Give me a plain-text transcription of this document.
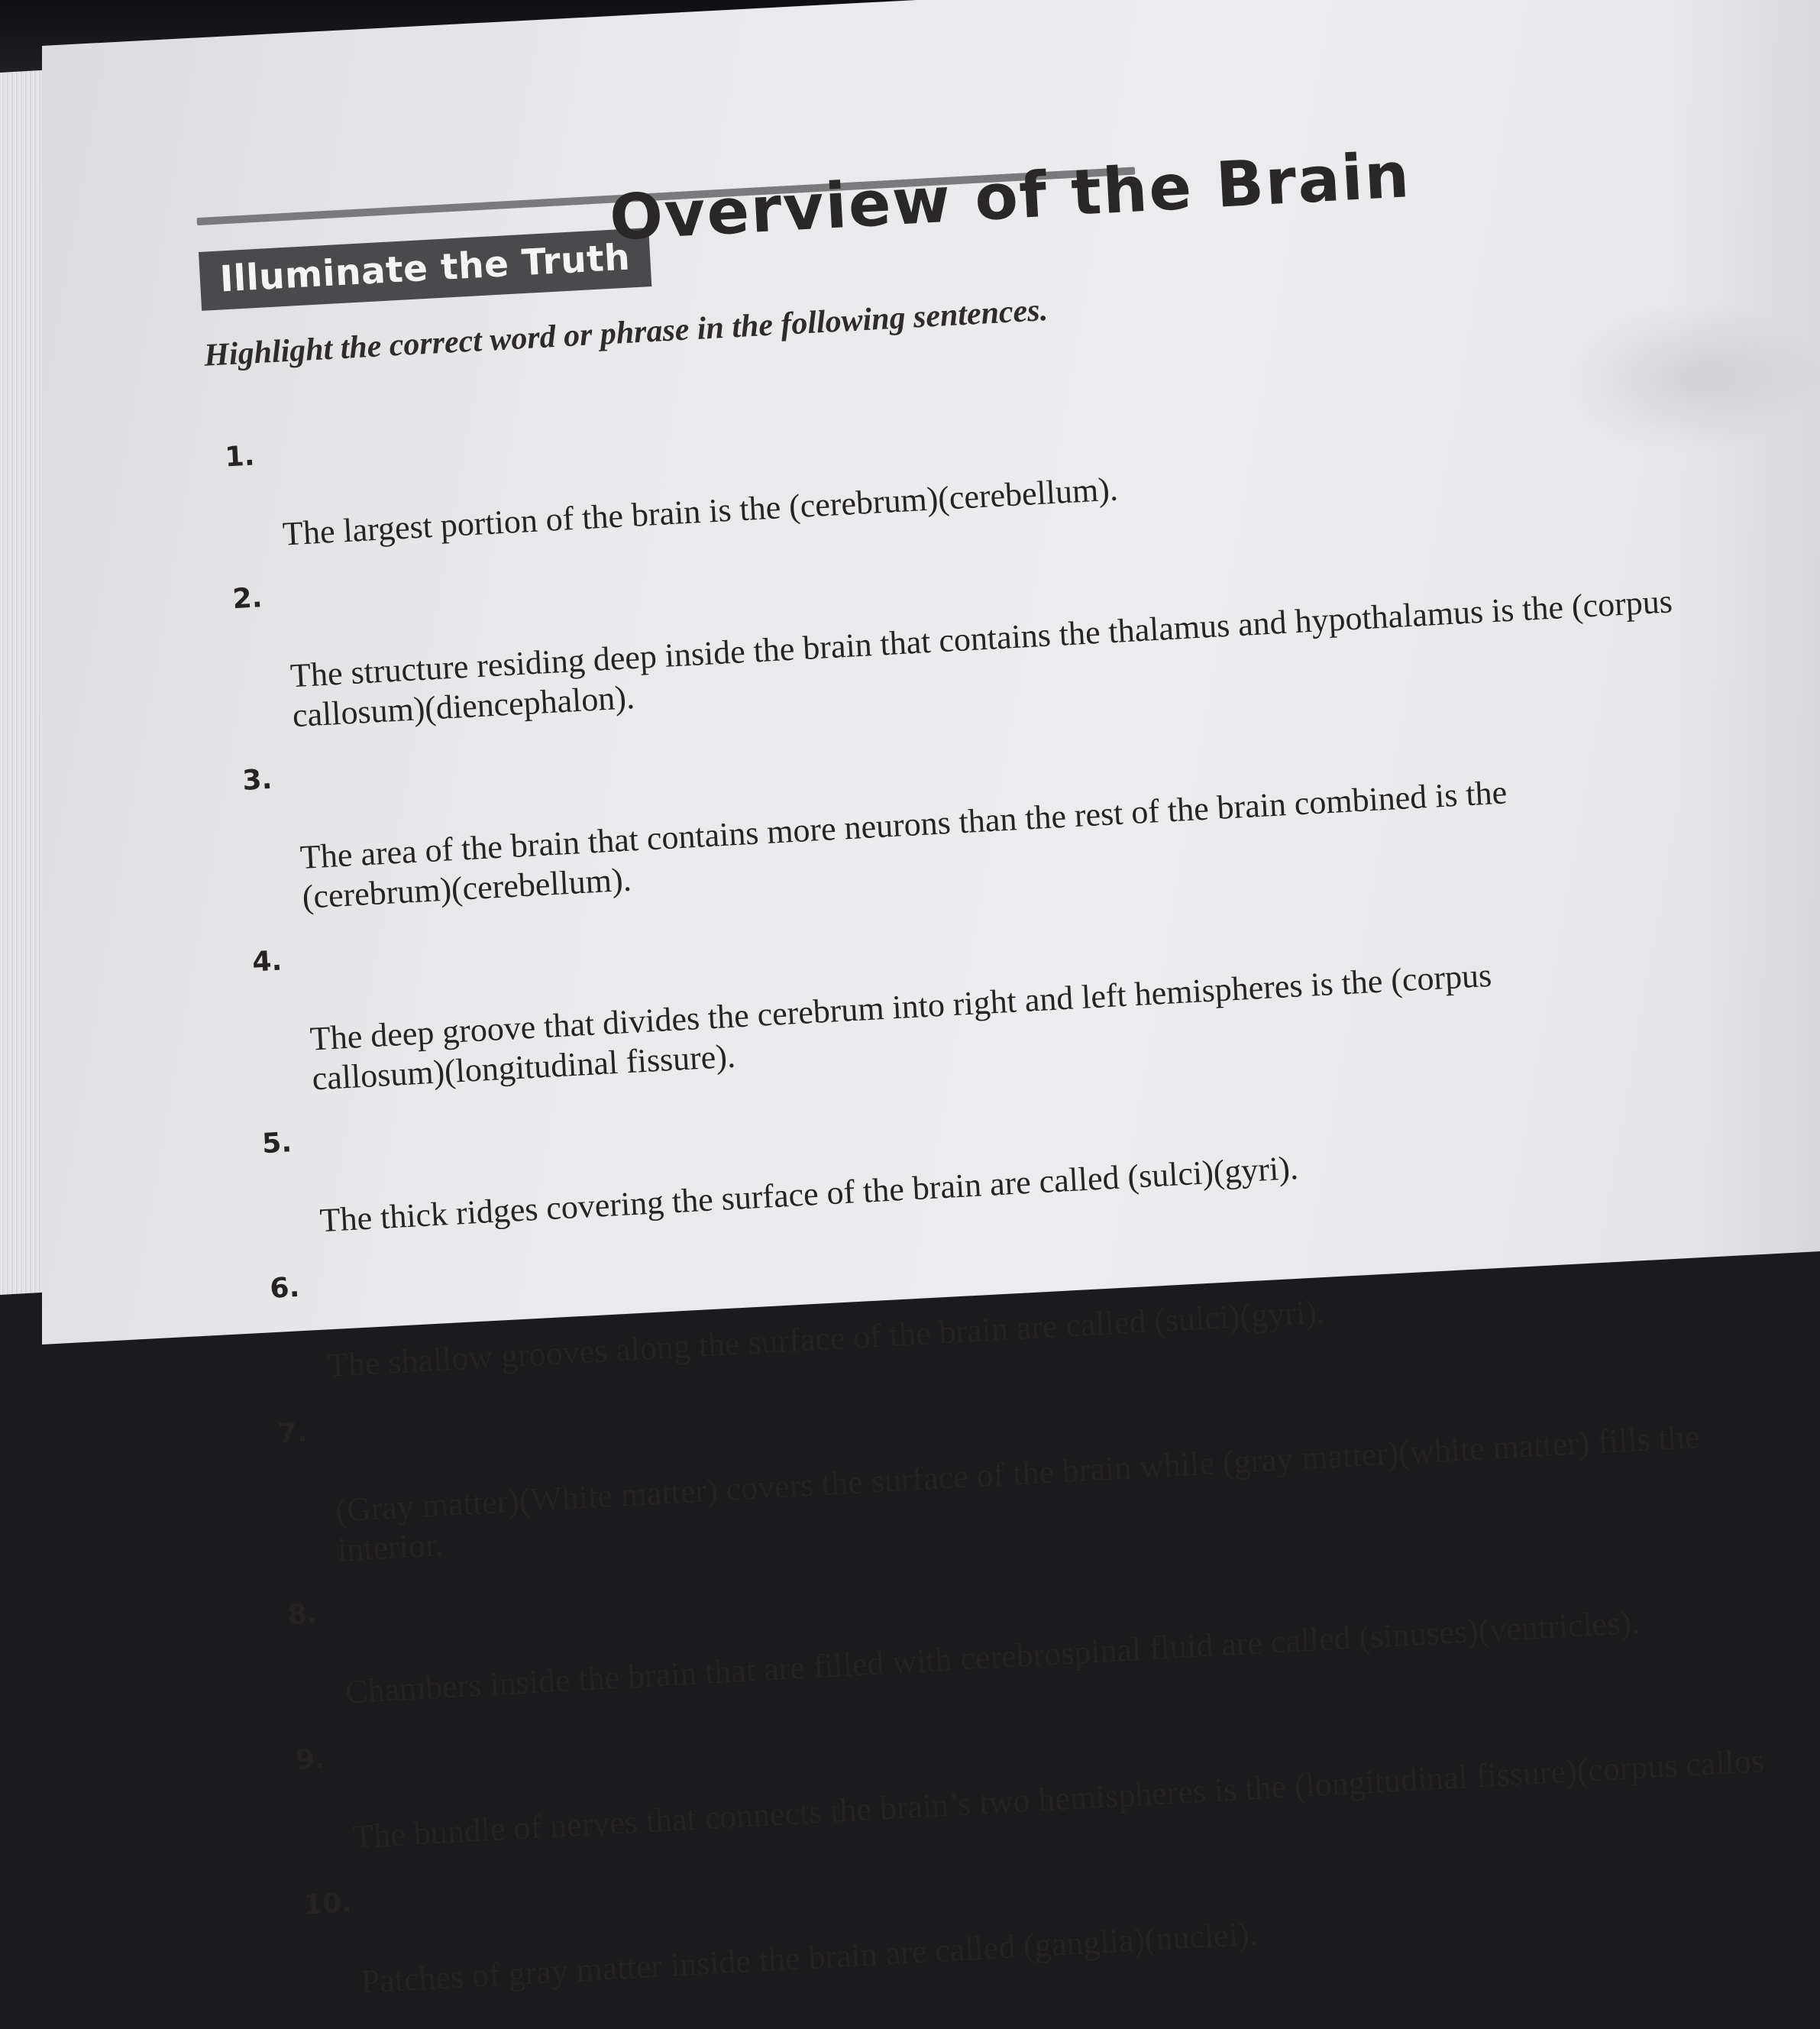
Illuminate the Truth
Overview of the Brain
Highlight the correct word or phrase in the following sentences.

1.

The largest portion of the brain is the (cerebrum)(cerebellum).

2. The structure residing deep inside the brain that contains the thalamus and hypothalamus is the (corpus
callosum)(diencephalon).

3. The area of the brain that contains more neurons than the rest of the brain combined is the
(cerebrum)(cerebellum).

4. The deep groove that divides the cerebrum into right and left hemispheres is the (corpus
callosum)(longitudinal fissure).

5.

The thick ridges covering the surface of the brain are called (sulci)(gyri).

6.

The shallow grooves along the surface of the brain are called (sulci)(gyri).

7. (Gray matter)(White matter) covers the surface of the brain while (gray matter)(white matter) fills the
interior.

8. Chambers inside the brain that are filled with cerebrospinal fluid are called (sinuses)(ventricles).

9. The bundle of nerves that connects the brain’s two hemispheres is the (longitudinal fissure)(corpus callos

10.

Patches of gray matter inside the brain are called (ganglia)(nuclei).
